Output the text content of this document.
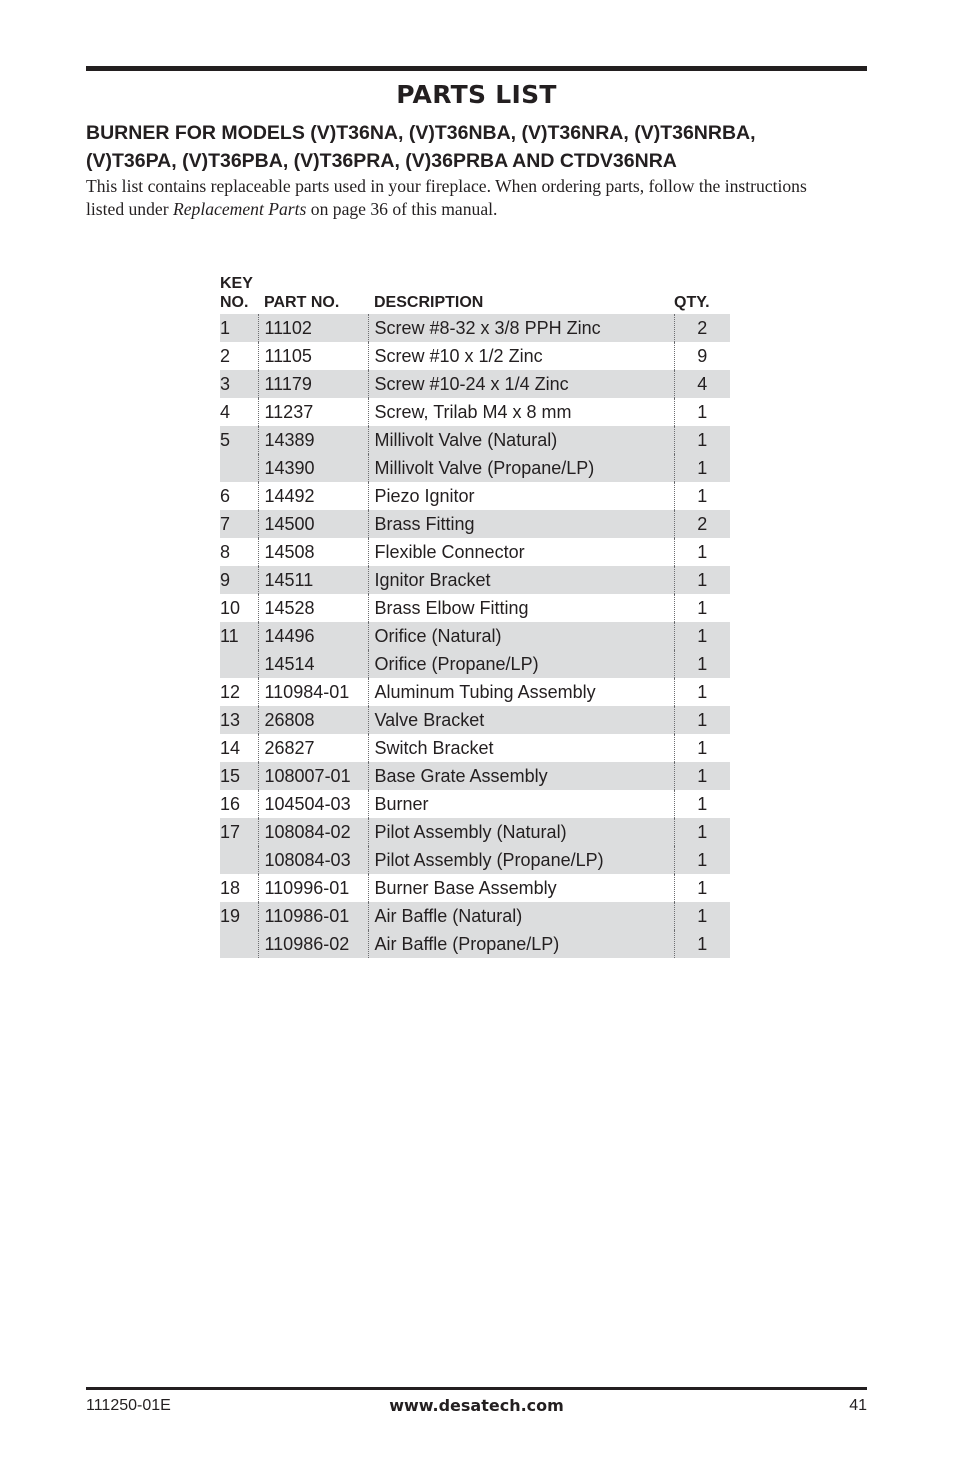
PARTS LIST
BURNER FOR MODELS (V)T36NA, (V)T36NBA, (V)T36NRA, (V)T36NRBA,
(V)T36PA, (V)T36PBA, (V)T36PRA, (V)36PRBA AND CTDV36NRA

This list contains replaceable parts used in your fireplace. When ordering parts, follow the instructions
listed under Replacement Parts on page 36 of this manual.

KEY
NO.	PART NO.	DESCRIPTION	QTY.
1	11102	Screw #8-32 x 3/8 PPH Zinc	2
2	11105	Screw #10 x 1/2 Zinc	9
3	11179	Screw #10-24 x 1/4 Zinc	4
4	11237	Screw, Trilab M4 x 8 mm	1
5	14389	Millivolt Valve (Natural)	1
	14390	Millivolt Valve (Propane/LP)	1
6	14492	Piezo Ignitor	1
7	14500	Brass Fitting	2
8	14508	Flexible Connector	1
9	14511	Ignitor Bracket	1
10	14528	Brass Elbow Fitting	1
11	14496	Orifice (Natural)	1
	14514	Orifice (Propane/LP)	1
12	110984-01	Aluminum Tubing Assembly	1
13	26808	Valve Bracket	1
14	26827	Switch Bracket	1
15	108007-01	Base Grate Assembly	1
16	104504-03	Burner	1
17	108084-02	Pilot Assembly (Natural)	1
	108084-03	Pilot Assembly (Propane/LP)	1
18	110996-01	Burner Base Assembly	1
19	110986-01	Air Baffle (Natural)	1
	110986-02	Air Baffle (Propane/LP)	1
111250-01E	www.desatech.com	41
